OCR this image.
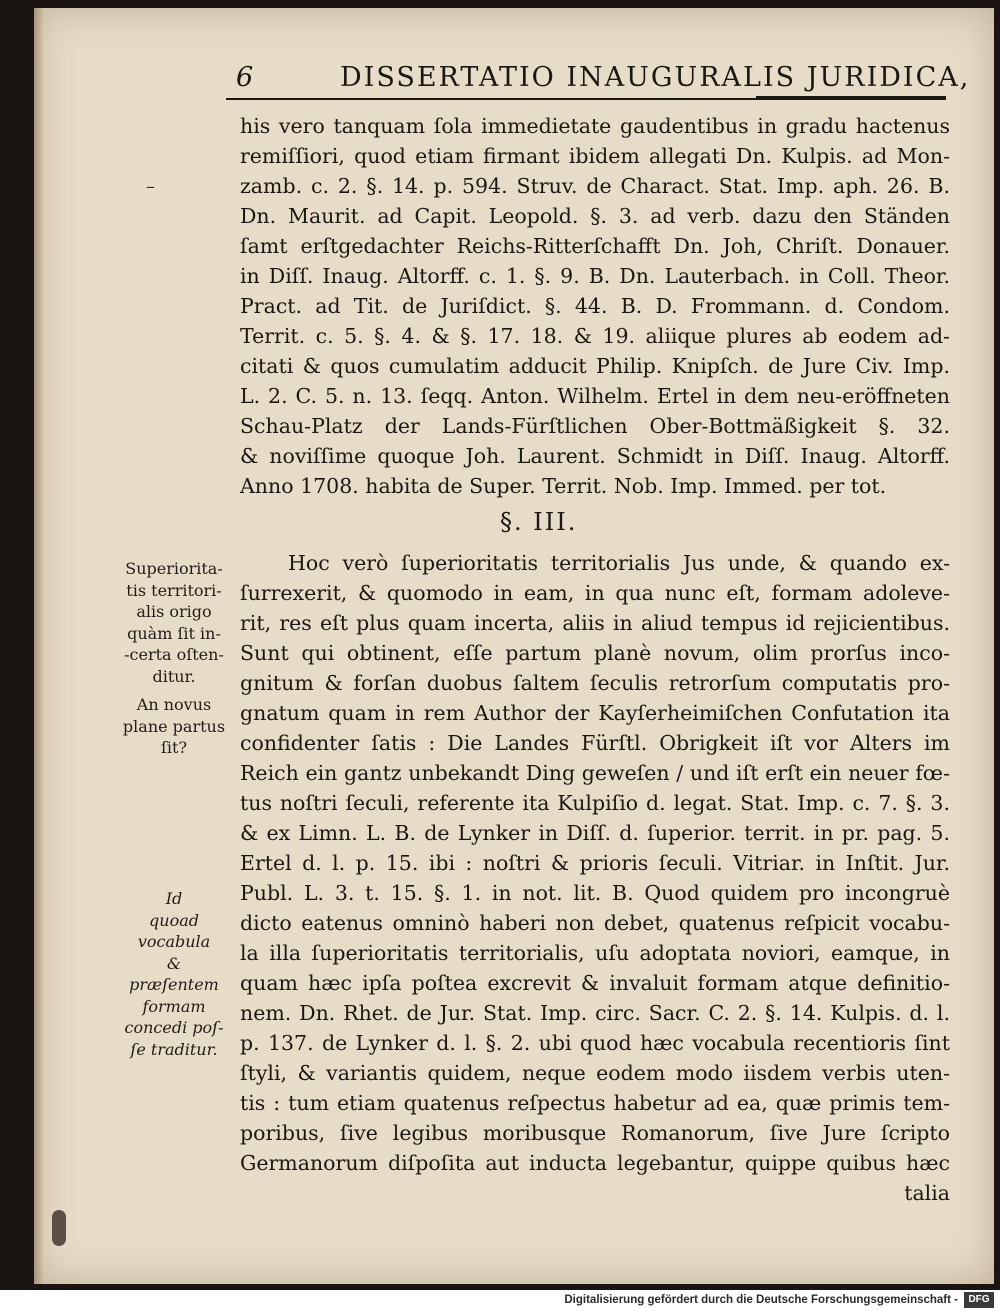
6	DISSERTATIO INAUGURALIS JURIDICA,
–
his vero tanquam ſola immedietate gaudentibus in gradu hactenus
remiſſiori, quod etiam firmant ibidem allegati Dn. Kulpis. ad Mon-
zamb. c. 2. §. 14. p. 594. Struv. de Charact. Stat. Imp. aph. 26. B.
Dn. Maurit. ad Capit. Leopold. §. 3. ad verb. dazu den Ständen
ſamt erſtgedachter Reichs-Ritterſchafft Dn. Joh, Chriſt. Donauer.
in Diſſ. Inaug. Altorff. c. 1. §. 9. B. Dn. Lauterbach. in Coll. Theor.
Pract. ad Tit. de Juriſdict. §. 44. B. D. Frommann. d. Condom.
Territ. c. 5. §. 4. & §. 17. 18. & 19. aliique plures ab eodem ad-
citati & quos cumulatim adducit Philip. Knipſch. de Jure Civ. Imp.
L. 2. C. 5. n. 13. ſeqq. Anton. Wilhelm. Ertel in dem neu-eröffneten
Schau-Platz der Lands-Fürſtlichen Ober-Bottmäßigkeit §. 32.
& noviſſime quoque Joh. Laurent. Schmidt in Diſſ. Inaug. Altorff.
Anno 1708. habita de Super. Territ. Nob. Imp. Immed. per tot.
§. III.
Hoc verò ſuperioritatis territorialis Jus unde, & quando ex-
ſurrexerit, & quomodo in eam, in qua nunc eſt, formam adoleve-
rit, res eſt plus quam incerta, aliis in aliud tempus id rejicientibus.
Sunt qui obtinent, eſſe partum planè novum, olim prorſus inco-
gnitum & forſan duobus ſaltem ſeculis retrorſum computatis pro-
gnatum quam in rem Author der Kayſerheimiſchen Confutation ita
confidenter ſatis : Die Landes Fürſtl. Obrigkeit iſt vor Alters im
Reich ein gantz unbekandt Ding geweſen / und iſt erſt ein neuer fœ-
tus noſtri ſeculi, referente ita Kulpiſio d. legat. Stat. Imp. c. 7. §. 3.
& ex Limn. L. B. de Lynker in Diſſ. d. ſuperior. territ. in pr. pag. 5.
Ertel d. l. p. 15. ibi : noſtri & prioris ſeculi. Vitriar. in Inſtit. Jur.
Publ. L. 3. t. 15. §. 1. in not. lit. B. Quod quidem pro incongruè
dicto eatenus omninò haberi non debet, quatenus reſpicit vocabu-
la illa ſuperioritatis territorialis, uſu adoptata noviori, eamque, in
quam hæc ipſa poſtea excrevit & invaluit formam atque definitio-
nem. Dn. Rhet. de Jur. Stat. Imp. circ. Sacr. C. 2. §. 14. Kulpis. d. l.
p. 137. de Lynker d. l. §. 2. ubi quod hæc vocabula recentioris ſint
ſtyli, & variantis quidem, neque eodem modo iisdem verbis uten-
tis : tum etiam quatenus reſpectus habetur ad ea, quæ primis tem-
poribus, ſive legibus moribusque Romanorum, ſive Jure ſcripto
Germanorum diſpoſita aut inducta legebantur, quippe quibus hæc
talia
Superiorita-
tis territori-
alis origo
quàm ſit in-
-certa oſten-
ditur.
An novus
plane partus
ſit?
Id
quoad
vocabula
&
præſentem
formam
concedi poſ-
ſe traditur.
Digitalisierung gefördert durch die Deutsche Forschungsgemeinschaft -	DFG
